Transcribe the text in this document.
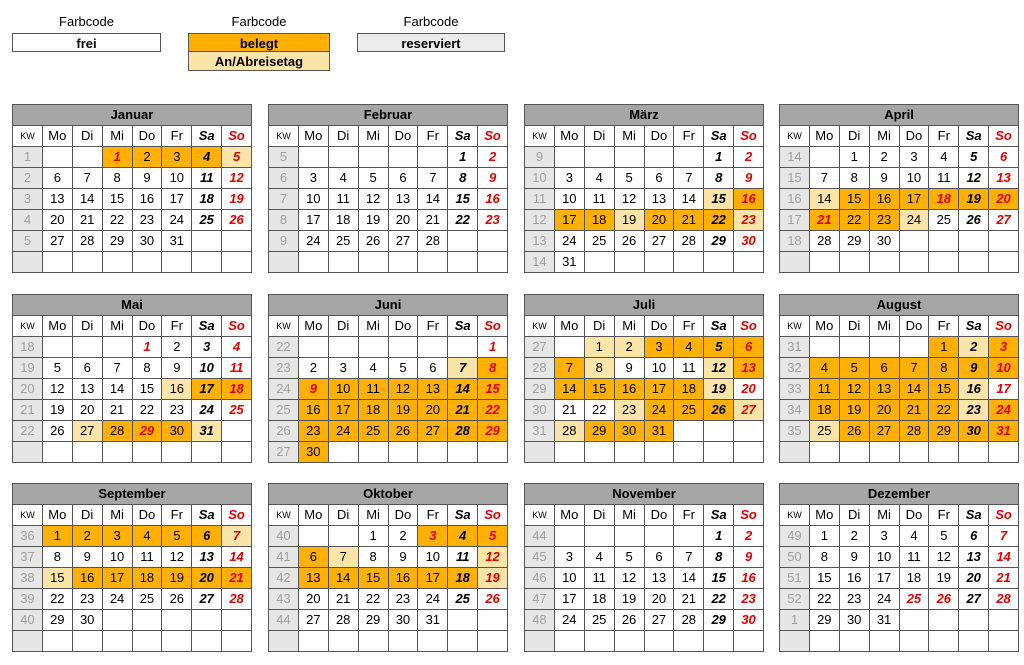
Farbcode
frei
Farbcode
belegt
An/Abreisetag
Farbcode
reserviert
Januar							
KW	Mo	Di	Mi	Do	Fr	Sa	So
1			1	2	3	4	5
2	6	7	8	9	10	11	12
3	13	14	15	16	17	18	19
4	20	21	22	23	24	25	26
5	27	28	29	30	31		

Februar							
KW	Mo	Di	Mi	Do	Fr	Sa	So
5						1	2
6	3	4	5	6	7	8	9
7	10	11	12	13	14	15	16
8	17	18	19	20	21	22	23
9	24	25	26	27	28		

März							
KW	Mo	Di	Mi	Do	Fr	Sa	So
9						1	2
10	3	4	5	6	7	8	9
11	10	11	12	13	14	15	16
12	17	18	19	20	21	22	23
13	24	25	26	27	28	29	30
14	31						
April							
KW	Mo	Di	Mi	Do	Fr	Sa	So
14		1	2	3	4	5	6
15	7	8	9	10	11	12	13
16	14	15	16	17	18	19	20
17	21	22	23	24	25	26	27
18	28	29	30				

Mai							
KW	Mo	Di	Mi	Do	Fr	Sa	So
18				1	2	3	4
19	5	6	7	8	9	10	11
20	12	13	14	15	16	17	18
21	19	20	21	22	23	24	25
22	26	27	28	29	30	31	

Juni							
KW	Mo	Di	Mi	Do	Fr	Sa	So
22							1
23	2	3	4	5	6	7	8
24	9	10	11	12	13	14	15
25	16	17	18	19	20	21	22
26	23	24	25	26	27	28	29
27	30						
Juli							
KW	Mo	Di	Mi	Do	Fr	Sa	So
27		1	2	3	4	5	6
28	7	8	9	10	11	12	13
29	14	15	16	17	18	19	20
30	21	22	23	24	25	26	27
31	28	29	30	31			

August							
KW	Mo	Di	Mi	Do	Fr	Sa	So
31					1	2	3
32	4	5	6	7	8	9	10
33	11	12	13	14	15	16	17
34	18	19	20	21	22	23	24
35	25	26	27	28	29	30	31

September							
KW	Mo	Di	Mi	Do	Fr	Sa	So
36	1	2	3	4	5	6	7
37	8	9	10	11	12	13	14
38	15	16	17	18	19	20	21
39	22	23	24	25	26	27	28
40	29	30					

Oktober							
KW	Mo	Di	Mi	Do	Fr	Sa	So
40			1	2	3	4	5
41	6	7	8	9	10	11	12
42	13	14	15	16	17	18	19
43	20	21	22	23	24	25	26
44	27	28	29	30	31		

November							
KW	Mo	Di	Mi	Do	Fr	Sa	So
44						1	2
45	3	4	5	6	7	8	9
46	10	11	12	13	14	15	16
47	17	18	19	20	21	22	23
48	24	25	26	27	28	29	30

Dezember							
KW	Mo	Di	Mi	Do	Fr	Sa	So
49	1	2	3	4	5	6	7
50	8	9	10	11	12	13	14
51	15	16	17	18	19	20	21
52	22	23	24	25	26	27	28
1	29	30	31				
